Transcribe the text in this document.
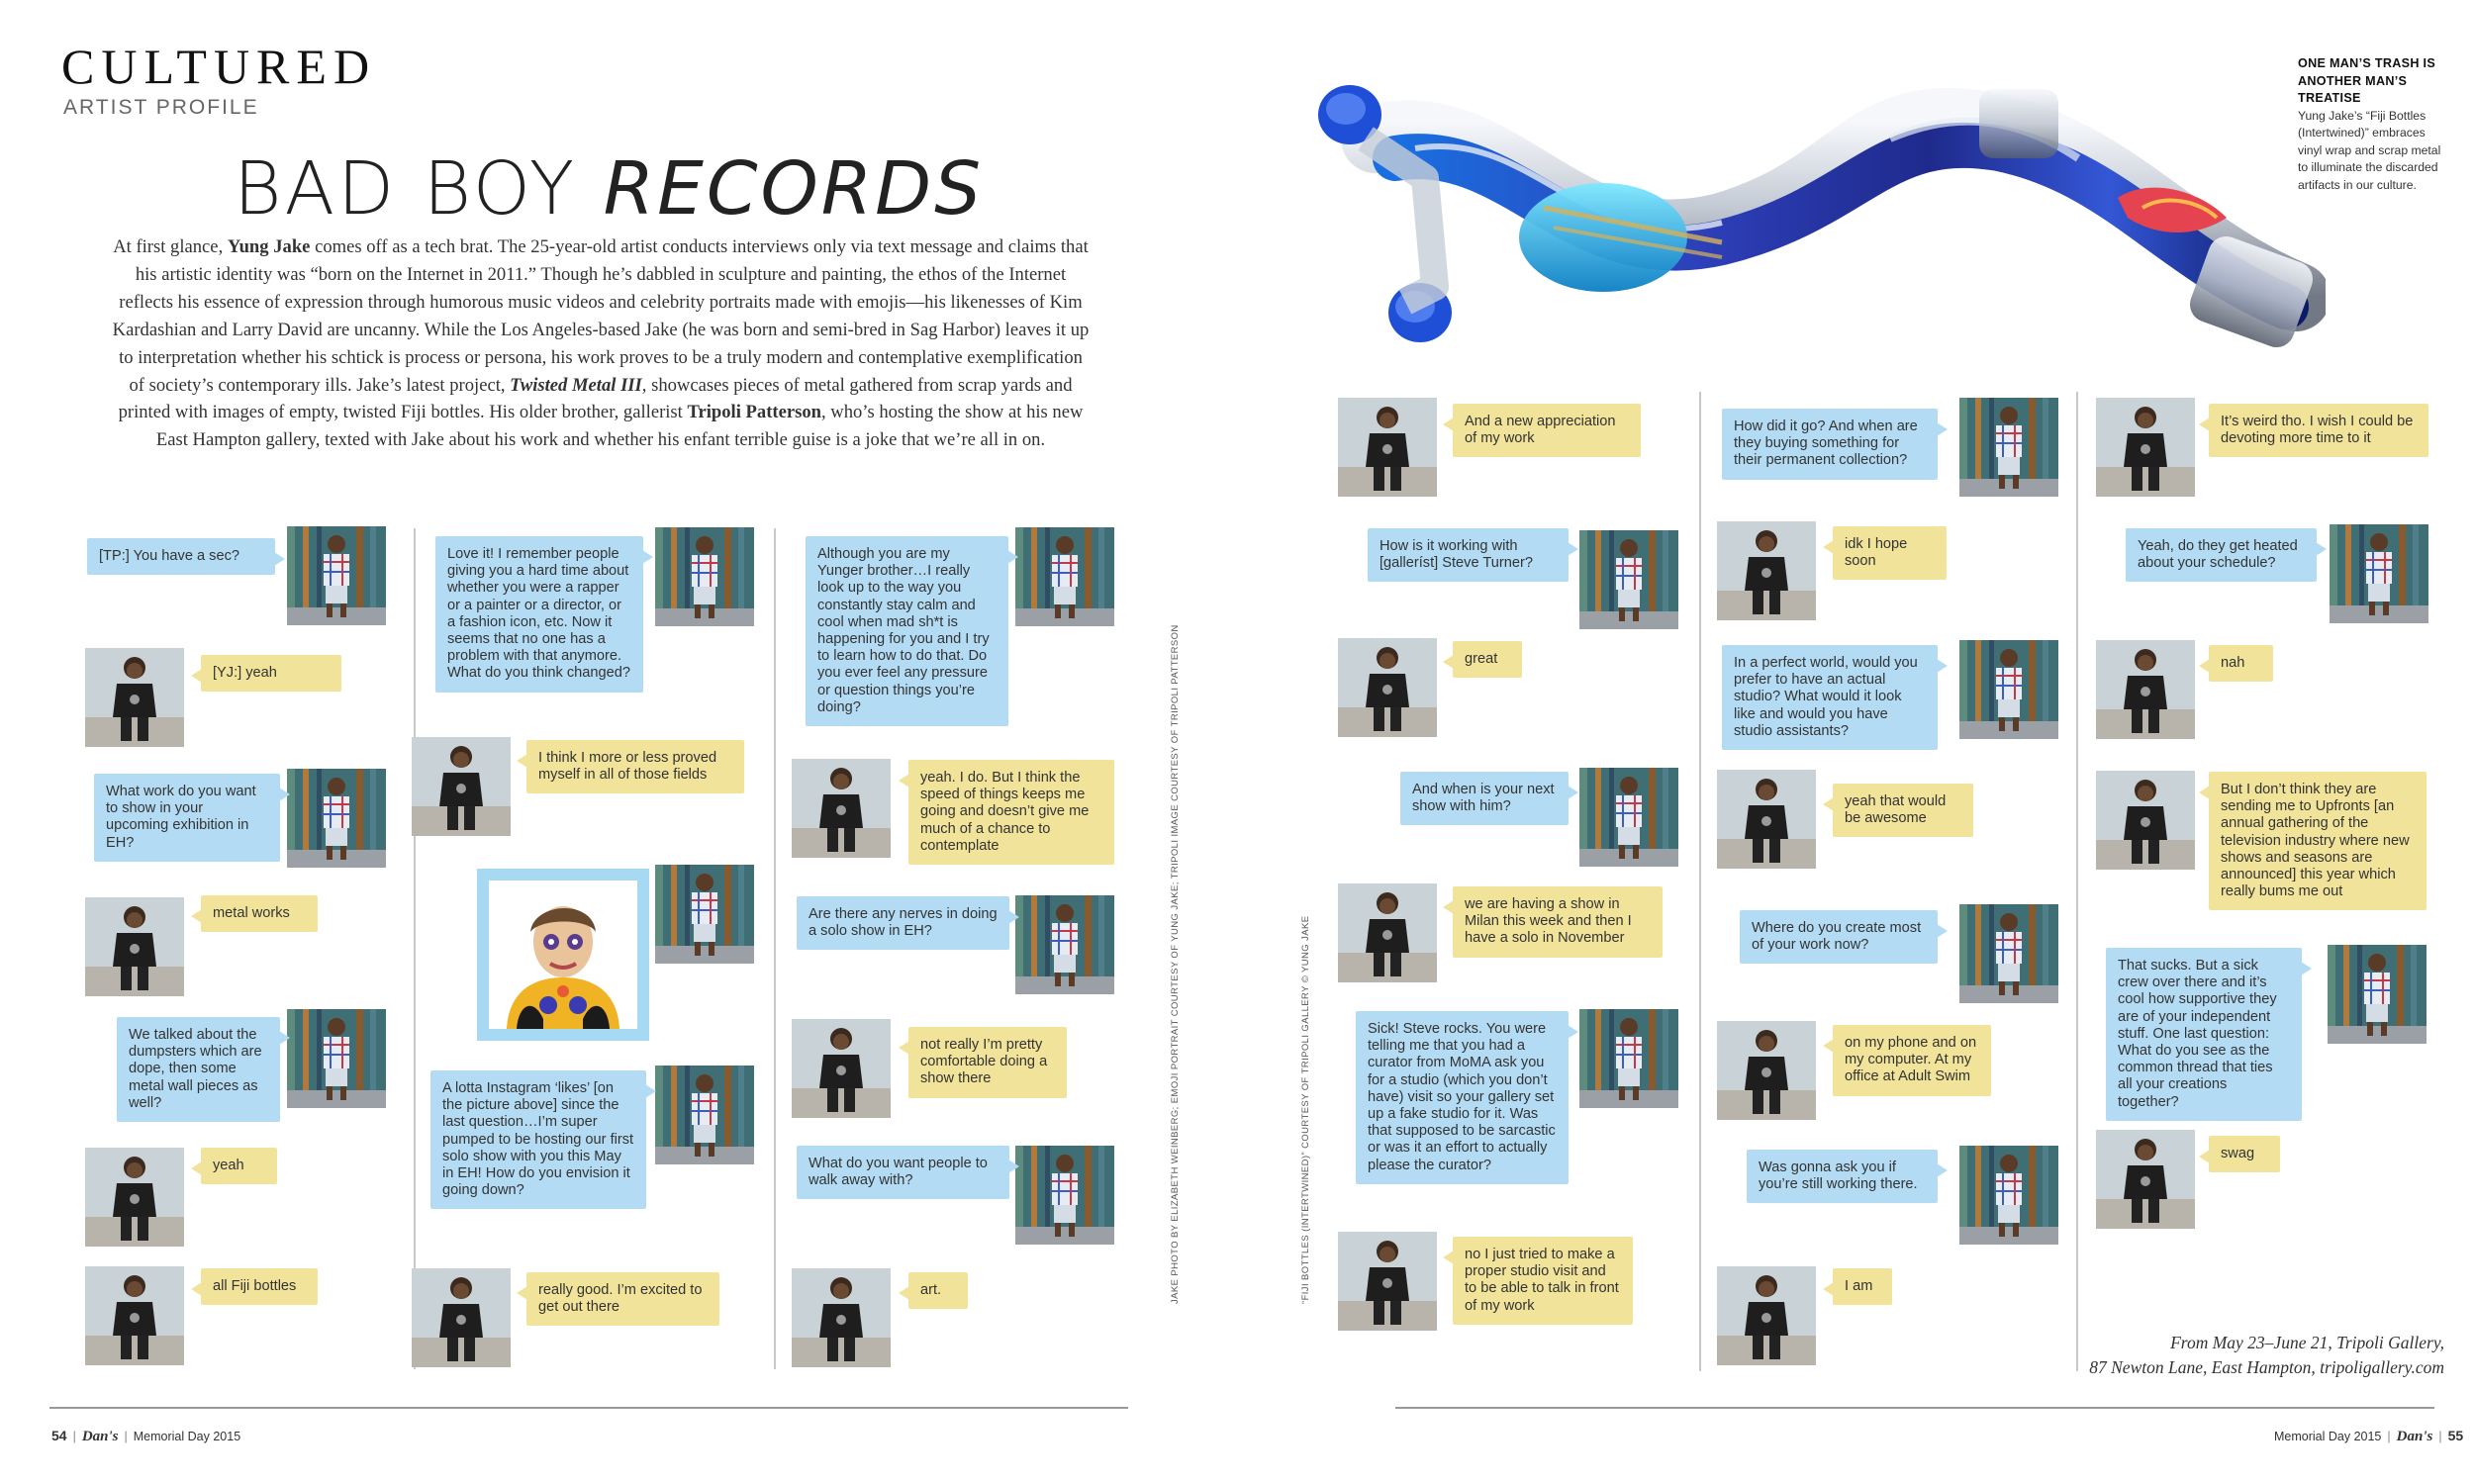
CULTURED
ARTIST PROFILE
BAD BOY RECORDS
At first glance, Yung Jake comes off as a tech brat. The 25-year-old artist conducts interviews only via text message and claims that his artistic identity was “born on the Internet in 2011.” Though he’s dabbled in sculpture and painting, the ethos of the Internet reflects his essence of expression through humorous music videos and celebrity portraits made with emojis—his likenesses of Kim Kardashian and Larry David are uncanny. While the Los Angeles-based Jake (he was born and semi-bred in Sag Harbor) leaves it up to interpretation whether his schtick is process or persona, his work proves to be a truly modern and contemplative exemplification of society’s contemporary ills. Jake’s latest project, Twisted Metal III, showcases pieces of metal gathered from scrap yards and printed with images of empty, twisted Fiji bottles. His older brother, gallerist Tripoli Patterson, who’s hosting the show at his new East Hampton gallery, texted with Jake about his work and whether his enfant terrible guise is a joke that we’re all in on.
ONE MAN’S TRASH IS ANOTHER MAN’S TREATISE
Yung Jake’s “Fiji Bottles (Intertwined)” embraces vinyl wrap and scrap metal to illuminate the discarded artifacts in our culture.
[TP:] You have a sec?
[YJ:] yeah
What work do you want to show in your upcoming exhibition in EH?
metal works
We talked about the dumpsters which are dope, then some metal wall pieces as well?
yeah
all Fiji bottles
Love it! I remember people giving you a hard time about whether you were a rapper or a painter or a director, or a fashion icon, etc. Now it seems that no one has a problem with that anymore. What do you think changed?
I think I more or less proved myself in all of those fields
A lotta Instagram ‘likes’ [on the picture above] since the last question…I’m super pumped to be hosting our first solo show with you this May in EH! How do you envision it going down?
really good. I’m excited to get out there
Although you are my Yunger brother…I really look up to the way you constantly stay calm and cool when mad sh*t is happening for you and I try to learn how to do that. Do you ever feel any pressure or question things you’re doing?
yeah. I do. But I think the speed of things keeps me going and doesn’t give me much of a chance to contemplate
Are there any nerves in doing a solo show in EH?
not really I’m pretty comfortable doing a show there
What do you want people to walk away with?
art.
And a new appreciation of my work
How is it working with [galleríst] Steve Turner?
great
And when is your next show with him?
we are having a show in Milan this week and then I have a solo in November
Sick! Steve rocks. You were telling me that you had a curator from MoMA ask you for a studio (which you don’t have) visit so your gallery set up a fake studio for it. Was that supposed to be sarcastic or was it an effort to actually please the curator?
no I just tried to make a proper studio visit and to be able to talk in front of my work
How did it go? And when are they buying something for their permanent collection?
idk I hope soon
In a perfect world, would you prefer to have an actual studio? What would it look like and would you have studio assistants?
yeah that would be awesome
Where do you create most of your work now?
on my phone and on my computer. At my office at Adult Swim
Was gonna ask you if you’re still working there.
I am
It’s weird tho. I wish I could be devoting more time to it
Yeah, do they get heated about your schedule?
nah
But I don’t think they are sending me to Upfronts [an annual gathering of the television industry where new shows and seasons are announced] this year which really bums me out
That sucks. But a sick crew over there and it’s cool how supportive they are of your independent stuff. One last question: What do you see as the common thread that ties all your creations together?
swag
JAKE PHOTO BY ELIZABETH WEINBERG; EMOJI PORTRAIT COURTESY OF YUNG JAKE; TRIPOLI IMAGE COURTESY OF TRIPOLI PATTERSON	“FIJI BOTTLES (INTERTWINED)” COURTESY OF TRIPOLI GALLERY © YUNG JAKE
From May 23–June 21, Tripoli Gallery,
87 Newton Lane, East Hampton, tripoligallery.com
54 | Dan's | Memorial Day 2015	Memorial Day 2015 | Dan's | 55
